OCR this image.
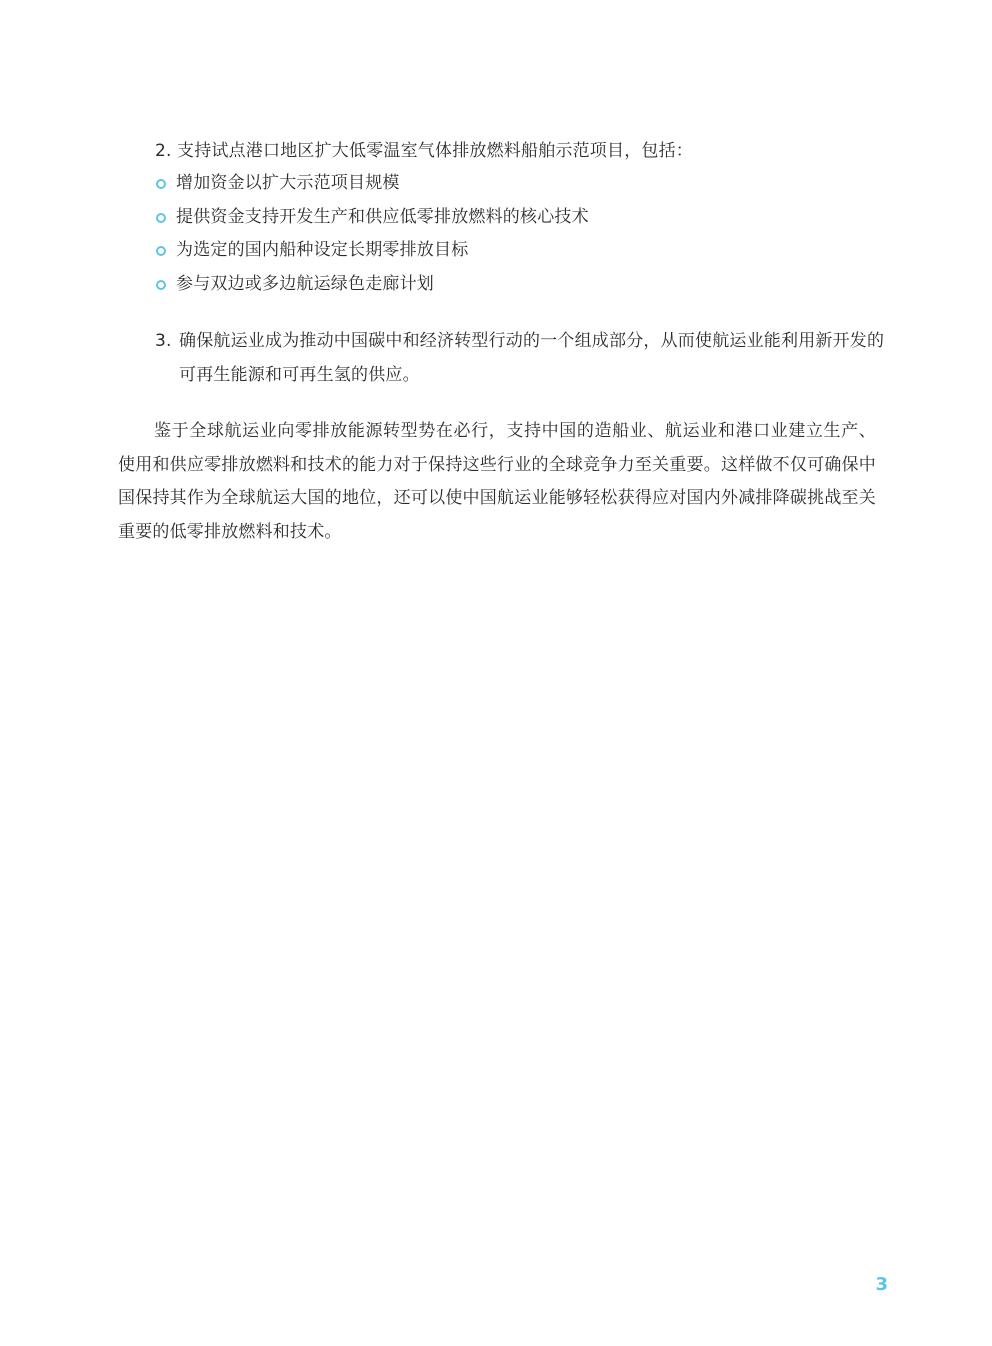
2. 支持试点港口地区扩大低零温室气体排放燃料船舶示范项目，包括：
增加资金以扩大示范项目规模
提供资金支持开发生产和供应低零排放燃料的核心技术
为选定的国内船种设定长期零排放目标
参与双边或多边航运绿色走廊计划
3. 确保航运业成为推动中国碳中和经济转型行动的一个组成部分，从而使航运业能利用新开发的可再生能源和可再生氢的供应。

鉴于全球航运业向零排放能源转型势在必行，支持中国的造船业、航运业和港口业建立生产、使用和供应零排放燃料和技术的能力对于保持这些行业的全球竞争力至关重要。这样做不仅可确保中国保持其作为全球航运大国的地位，还可以使中国航运业能够轻松获得应对国内外减排降碳挑战至关重要的低零排放燃料和技术。

3
